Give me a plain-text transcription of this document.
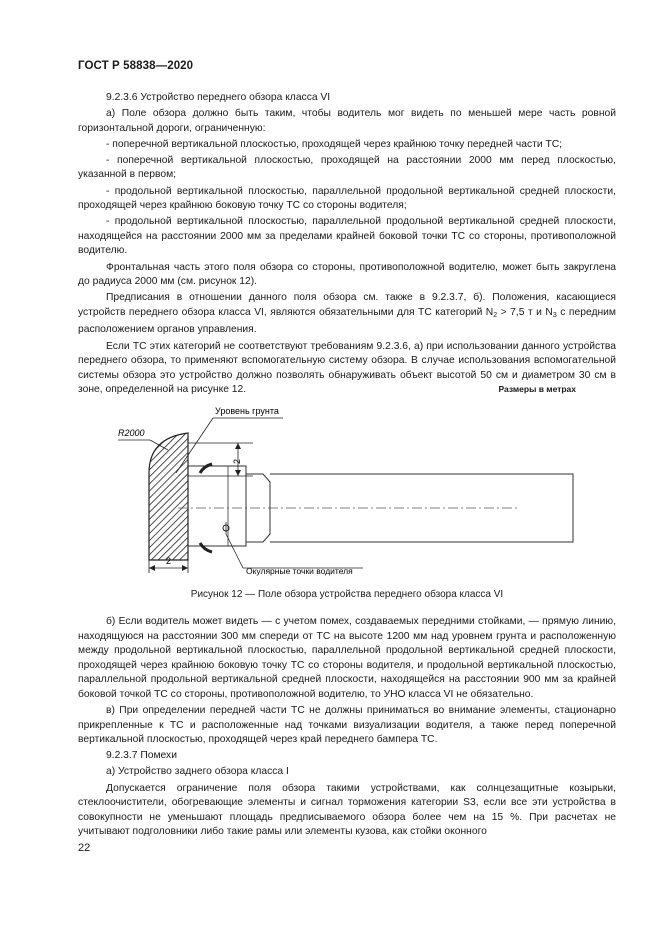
ГОСТ Р 58838—2020

9.2.3.6 Устройство переднего обзора класса VI

а) Поле обзора должно быть таким, чтобы водитель мог видеть по меньшей мере часть ровной горизонтальной дороги, ограниченную:

- поперечной вертикальной плоскостью, проходящей через крайнюю точку передней части ТС;

- поперечной вертикальной плоскостью, проходящей на расстоянии 2000 мм перед плоскостью, указанной в первом;

- продольной вертикальной плоскостью, параллельной продольной вертикальной средней плоскости, проходящей через крайнюю боковую точку ТС со стороны водителя;

- продольной вертикальной плоскостью, параллельной продольной вертикальной средней плоскости, находящейся на расстоянии 2000 мм за пределами крайней боковой точки ТС со стороны, противоположной водителю.

Фронтальная часть этого поля обзора со стороны, противоположной водителю, может быть закруглена до радиуса 2000 мм (см. рисунок 12).

Предписания в отношении данного поля обзора см. также в 9.2.3.7, б). Положения, касающиеся устройств переднего обзора класса VI, являются обязательными для ТС категорий $N_2 > 7,5$ т и $N_3$ с передним расположением органов управления.

Если ТС этих категорий не соответствуют требованиям 9.2.3.6, а) при использовании данного устройства переднего обзора, то применяют вспомогательную систему обзора. В случае использования вспомогательной системы обзора это устройство должно позволять обнаруживать объект высотой 50 см и диаметром 30 см в зоне, определенной на рисунке 12.	Размеры в метрах
2
2
R2000
Уровень грунта
Окулярные точки водителя
Рисунок 12 — Поле обзора устройства переднего обзора класса VI

б) Если водитель может видеть — с учетом помех, создаваемых передними стойками, — прямую линию, находящуюся на расстоянии 300 мм спереди от ТС на высоте 1200 мм над уровнем грунта и расположенную между продольной вертикальной плоскостью, параллельной продольной вертикальной средней плоскости, проходящей через крайнюю боковую точку ТС со стороны водителя, и продольной вертикальной плоскостью, параллельной продольной вертикальной средней плоскости, находящейся на расстоянии 900 мм за крайней боковой точкой ТС со стороны, противоположной водителю, то УНО класса VI не обязательно.

в) При определении передней части ТС не должны приниматься во внимание элементы, стационарно прикрепленные к ТС и расположенные над точками визуализации водителя, а также перед поперечной вертикальной плоскостью, проходящей через край переднего бампера ТС.

9.2.3.7 Помехи

а) Устройство заднего обзора класса I

Допускается ограничение поля обзора такими устройствами, как солнцезащитные козырьки, стеклоочистители, обогревающие элементы и сигнал торможения категории S3, если все эти устройства в совокупности не уменьшают площадь предписываемого обзора более чем на 15 %. При расчетах не учитывают подголовники либо такие рамы или элементы кузова, как стойки оконного

22
